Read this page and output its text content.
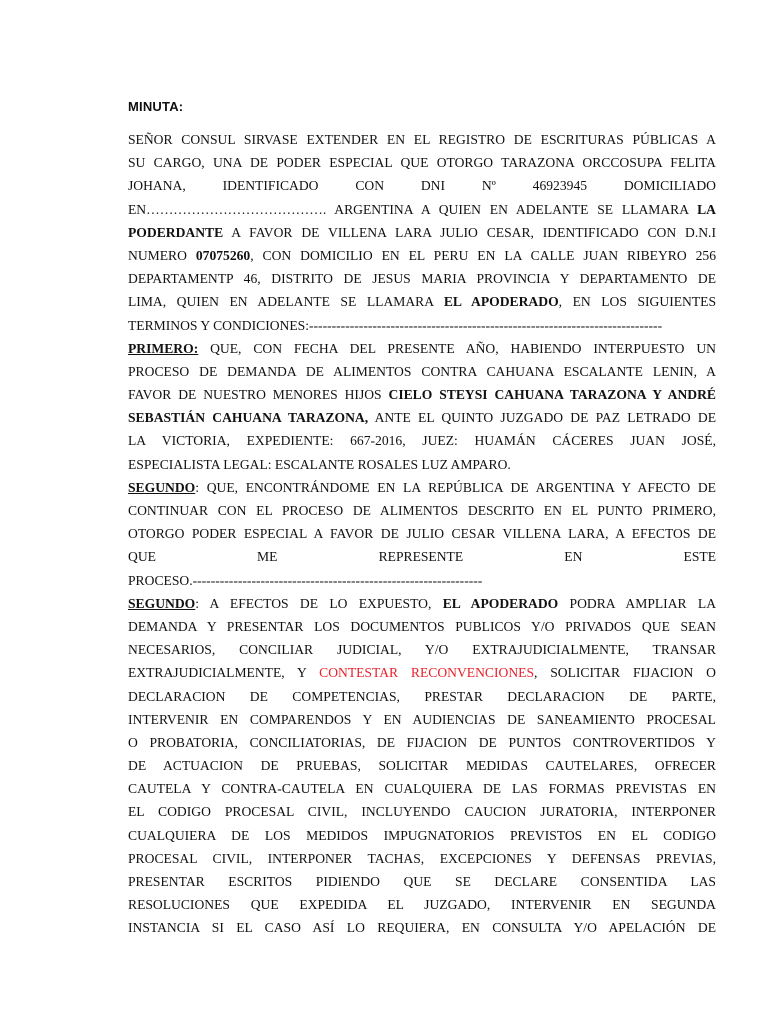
MINUTA:
SEÑOR CONSUL SIRVASE EXTENDER EN EL REGISTRO DE ESCRITURAS PÚBLICAS A
SU CARGO, UNA DE PODER ESPECIAL QUE OTORGO TARAZONA ORCCOSUPA FELITA
JOHANA, IDENTIFICADO CON DNI Nº 46923945 DOMICILIADO
EN…………………………………. ARGENTINA A QUIEN EN ADELANTE SE LLAMARA LA
PODERDANTE A FAVOR DE VILLENA LARA JULIO CESAR, IDENTIFICADO CON D.N.I
NUMERO 07075260, CON DOMICILIO EN EL PERU EN LA CALLE JUAN RIBEYRO 256
DEPARTAMENTP 46, DISTRITO DE JESUS MARIA PROVINCIA Y DEPARTAMENTO DE
LIMA, QUIEN EN ADELANTE SE LLAMARA EL APODERADO, EN LOS SIGUIENTES
TERMINOS Y CONDICIONES:------------------------------------------------------------------------------
PRIMERO: QUE, CON FECHA DEL PRESENTE AÑO, HABIENDO INTERPUESTO UN
PROCESO DE DEMANDA DE ALIMENTOS CONTRA CAHUANA ESCALANTE LENIN, A
FAVOR DE NUESTRO MENORES HIJOS CIELO STEYSI CAHUANA TARAZONA Y ANDRÉ
SEBASTIÁN CAHUANA TARAZONA, ANTE EL QUINTO JUZGADO DE PAZ LETRADO DE
LA VICTORIA, EXPEDIENTE: 667-2016, JUEZ: HUAMÁN CÁCERES JUAN JOSÉ,
ESPECIALISTA LEGAL: ESCALANTE ROSALES LUZ AMPARO.
SEGUNDO: QUE, ENCONTRÁNDOME EN LA REPÚBLICA DE ARGENTINA Y AFECTO DE
CONTINUAR CON EL PROCESO DE ALIMENTOS DESCRITO EN EL PUNTO PRIMERO,
OTORGO PODER ESPECIAL A FAVOR DE JULIO CESAR VILLENA LARA, A EFECTOS DE
QUE ME REPRESENTE EN ESTE
PROCESO.----------------------------------------------------------------
SEGUNDO: A EFECTOS DE LO EXPUESTO, EL APODERADO PODRA AMPLIAR LA
DEMANDA Y PRESENTAR LOS DOCUMENTOS PUBLICOS Y/O PRIVADOS QUE SEAN
NECESARIOS, CONCILIAR JUDICIAL, Y/O EXTRAJUDICIALMENTE, TRANSAR
EXTRAJUDICIALMENTE, Y CONTESTAR RECONVENCIONES, SOLICITAR FIJACION O
DECLARACION DE COMPETENCIAS, PRESTAR DECLARACION DE PARTE,
INTERVENIR EN COMPARENDOS Y EN AUDIENCIAS DE SANEAMIENTO PROCESAL
O PROBATORIA, CONCILIATORIAS, DE FIJACION DE PUNTOS CONTROVERTIDOS Y
DE ACTUACION DE PRUEBAS, SOLICITAR MEDIDAS CAUTELARES, OFRECER
CAUTELA Y CONTRA-CAUTELA EN CUALQUIERA DE LAS FORMAS PREVISTAS EN
EL CODIGO PROCESAL CIVIL, INCLUYENDO CAUCION JURATORIA, INTERPONER
CUALQUIERA DE LOS MEDIDOS IMPUGNATORIOS PREVISTOS EN EL CODIGO
PROCESAL CIVIL, INTERPONER TACHAS, EXCEPCIONES Y DEFENSAS PREVIAS,
PRESENTAR ESCRITOS PIDIENDO QUE SE DECLARE CONSENTIDA LAS
RESOLUCIONES QUE EXPEDIDA EL JUZGADO, INTERVENIR EN SEGUNDA
INSTANCIA SI EL CASO ASÍ LO REQUIERA, EN CONSULTA Y/O APELACIÓN DE
